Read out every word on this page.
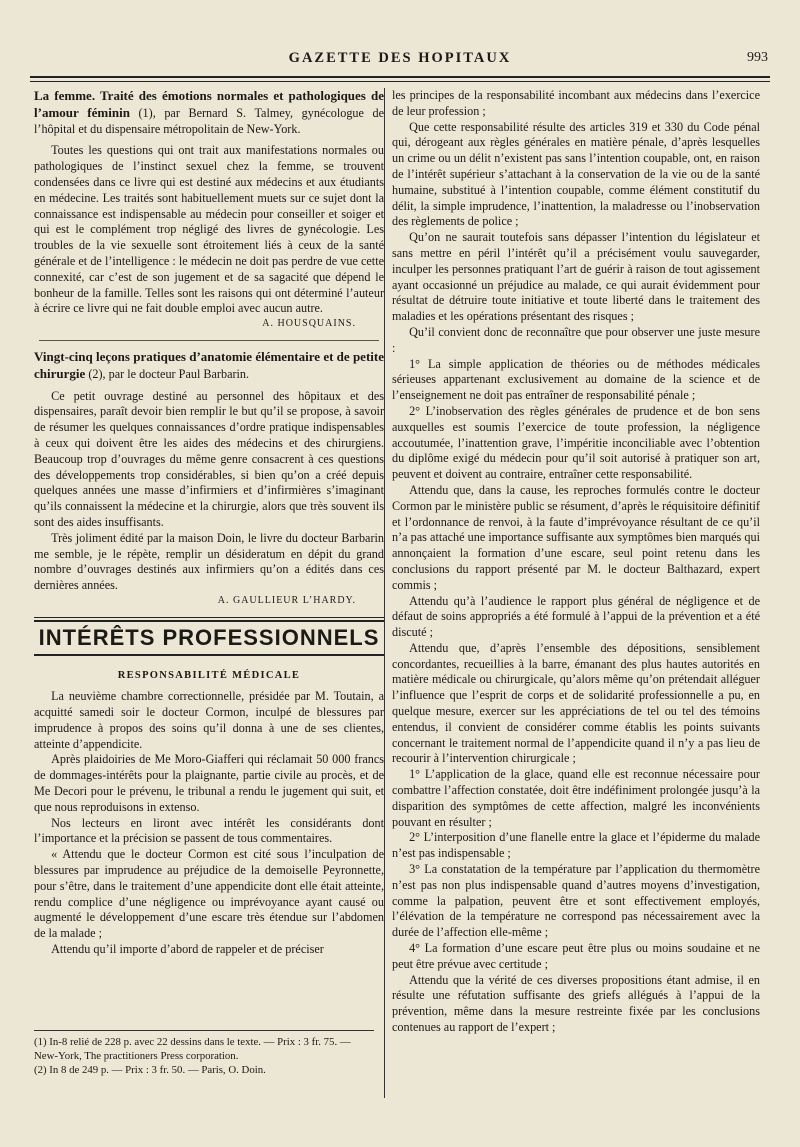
GAZETTE DES HOPITAUX	993

La femme. Traité des émotions normales et pathologiques de l’amour féminin (1), par Bernard S. Talmey, gynécologue de l’hôpital et du dispensaire métropolitain de New-York.

Toutes les questions qui ont trait aux manifestations normales ou pathologiques de l’instinct sexuel chez la femme, se trouvent condensées dans ce livre qui est destiné aux médecins et aux étudiants en médecine. Les traités sont habituellement muets sur ce sujet dont la connaissance est indispensable au médecin pour conseiller et soiger et qui est le complément trop négligé des livres de gynécologie. Les troubles de la vie sexuelle sont étroitement liés à ceux de la santé générale et de l’intelligence : le médecin ne doit pas perdre de vue cette connexité, car c’est de son jugement et de sa sagacité que dépend le bonheur de la famille. Telles sont les raisons qui ont déterminé l’auteur à écrire ce livre qui ne fait double emploi avec aucun autre.

A. HOUSQUAINS.

Vingt-cinq leçons pratiques d’anatomie élémentaire et de petite chirurgie (2), par le docteur Paul Barbarin.

Ce petit ouvrage destiné au personnel des hôpitaux et des dispensaires, paraît devoir bien remplir le but qu’il se propose, à savoir de résumer les quelques connaissances d’ordre pratique indispensables à ceux qui doivent être les aides des médecins et des chirurgiens. Beaucoup trop d’ouvrages du même genre consacrent à ces questions des développements trop considérables, si bien qu’on a créé depuis quelques années une masse d’infirmiers et d’infirmières s’imaginant qu’ils connaissent la médecine et la chirurgie, alors que très souvent ils sont des aides insuffisants.

Très joliment édité par la maison Doin, le livre du docteur Barbarin me semble, je le répète, remplir un désideratum en dépit du grand nombre d’ouvrages destinés aux infirmiers qu’on a édités dans ces dernières années.

A. GAULLIEUR L’HARDY.

INTÉRÊTS PROFESSIONNELS
RESPONSABILITÉ MÉDICALE

La neuvième chambre correctionnelle, présidée par M. Toutain, a acquitté samedi soir le docteur Cormon, inculpé de blessures par imprudence à propos des soins qu’il donna à une de ses clientes, atteinte d’appendicite.

Après plaidoiries de Me Moro-Giafferi qui réclamait 50 000 francs de dommages-intérêts pour la plaignante, partie civile au procès, et de Me Decori pour le prévenu, le tribunal a rendu le jugement qui suit, et que nous reproduisons in extenso.

Nos lecteurs en liront avec intérêt les considérants dont l’importance et la précision se passent de tous commentaires.

« Attendu que le docteur Cormon est cité sous l’inculpation de blessures par imprudence au préjudice de la demoiselle Peyronnette, pour s’être, dans le traitement d’une appendicite dont elle était atteinte, rendu complice d’une négligence ou imprévoyance ayant causé ou augmenté le développement d’une escare très étendue sur l’abdomen de la malade ;

Attendu qu’il importe d’abord de rappeler et de préciser

(1) In-8 relié de 228 p. avec 22 dessins dans le texte. — Prix : 3 fr. 75. — New-York, The practitioners Press corporation.

(2) In 8 de 249 p. — Prix : 3 fr. 50. — Paris, O. Doin.

les principes de la responsabilité incombant aux médecins dans l’exercice de leur profession ;

Que cette responsabilité résulte des articles 319 et 330 du Code pénal qui, dérogeant aux règles générales en matière pénale, d’après lesquelles un crime ou un délit n’existent pas sans l’intention coupable, ont, en raison de l’intérêt supérieur s’attachant à la conservation de la vie ou de la santé humaine, substitué à l’intention coupable, comme élément constitutif du délit, la simple imprudence, l’inattention, la maladresse ou l’inobservation des règlements de police ;

Qu’on ne saurait toutefois sans dépasser l’intention du législateur et sans mettre en péril l’intérêt qu’il a précisément voulu sauvegarder, inculper les personnes pratiquant l’art de guérir à raison de tout agissement ayant occasionné un préjudice au malade, ce qui aurait évidemment pour résultat de détruire toute initiative et toute liberté dans le traitement des maladies et les opérations présentant des risques ;

Qu’il convient donc de reconnaître que pour observer une juste mesure :

1° La simple application de théories ou de méthodes médicales sérieuses appartenant exclusivement au domaine de la science et de l’enseignement ne doit pas entraîner de responsabilité pénale ;

2° L’inobservation des règles générales de prudence et de bon sens auxquelles est soumis l’exercice de toute profession, la négligence accoutumée, l’inattention grave, l’impéritie inconciliable avec l’obtention du diplôme exigé du médecin pour qu’il soit autorisé à pratiquer son art, peuvent et doivent au contraire, entraîner cette responsabilité.

Attendu que, dans la cause, les reproches formulés contre le docteur Cormon par le ministère public se résument, d’après le réquisitoire définitif et l’ordonnance de renvoi, à la faute d’imprévoyance résultant de ce qu’il n’a pas attaché une importance suffisante aux symptômes bien marqués qui annonçaient la formation d’une escare, seul point retenu dans les conclusions du rapport présenté par M. le docteur Balthazard, expert commis ;

Attendu qu’à l’audience le rapport plus général de négligence et de défaut de soins appropriés a été formulé à l’appui de la prévention et a été discuté ;

Attendu que, d’après l’ensemble des dépositions, sensiblement concordantes, recueillies à la barre, émanant des plus hautes autorités en matière médicale ou chirurgicale, qu’alors même qu’on prétendait alléguer l’influence que l’esprit de corps et de solidarité professionnelle a pu, en quelque mesure, exercer sur les appréciations de tel ou tel des témoins entendus, il convient de considérer comme établis les points suivants concernant le traitement normal de l’appendicite quand il n’y a pas lieu de recourir à l’intervention chirurgicale ;

1° L’application de la glace, quand elle est reconnue nécessaire pour combattre l’affection constatée, doit être indéfiniment prolongée jusqu’à la disparition des symptômes de cette affection, malgré les inconvénients pouvant en résulter ;

2° L’interposition d’une flanelle entre la glace et l’épiderme du malade n’est pas indispensable ;

3° La constatation de la température par l’application du thermomètre n’est pas non plus indispensable quand d’autres moyens d’investigation, comme la palpation, peuvent être et sont effectivement employés, l’élévation de la température ne correspond pas nécessairement avec la durée de l’affection elle-même ;

4° La formation d’une escare peut être plus ou moins soudaine et ne peut être prévue avec certitude ;

Attendu que la vérité de ces diverses propositions étant admise, il en résulte une réfutation suffisante des griefs allégués à l’appui de la prévention, même dans la mesure restreinte fixée par les conclusions contenues au rapport de l’expert ;
